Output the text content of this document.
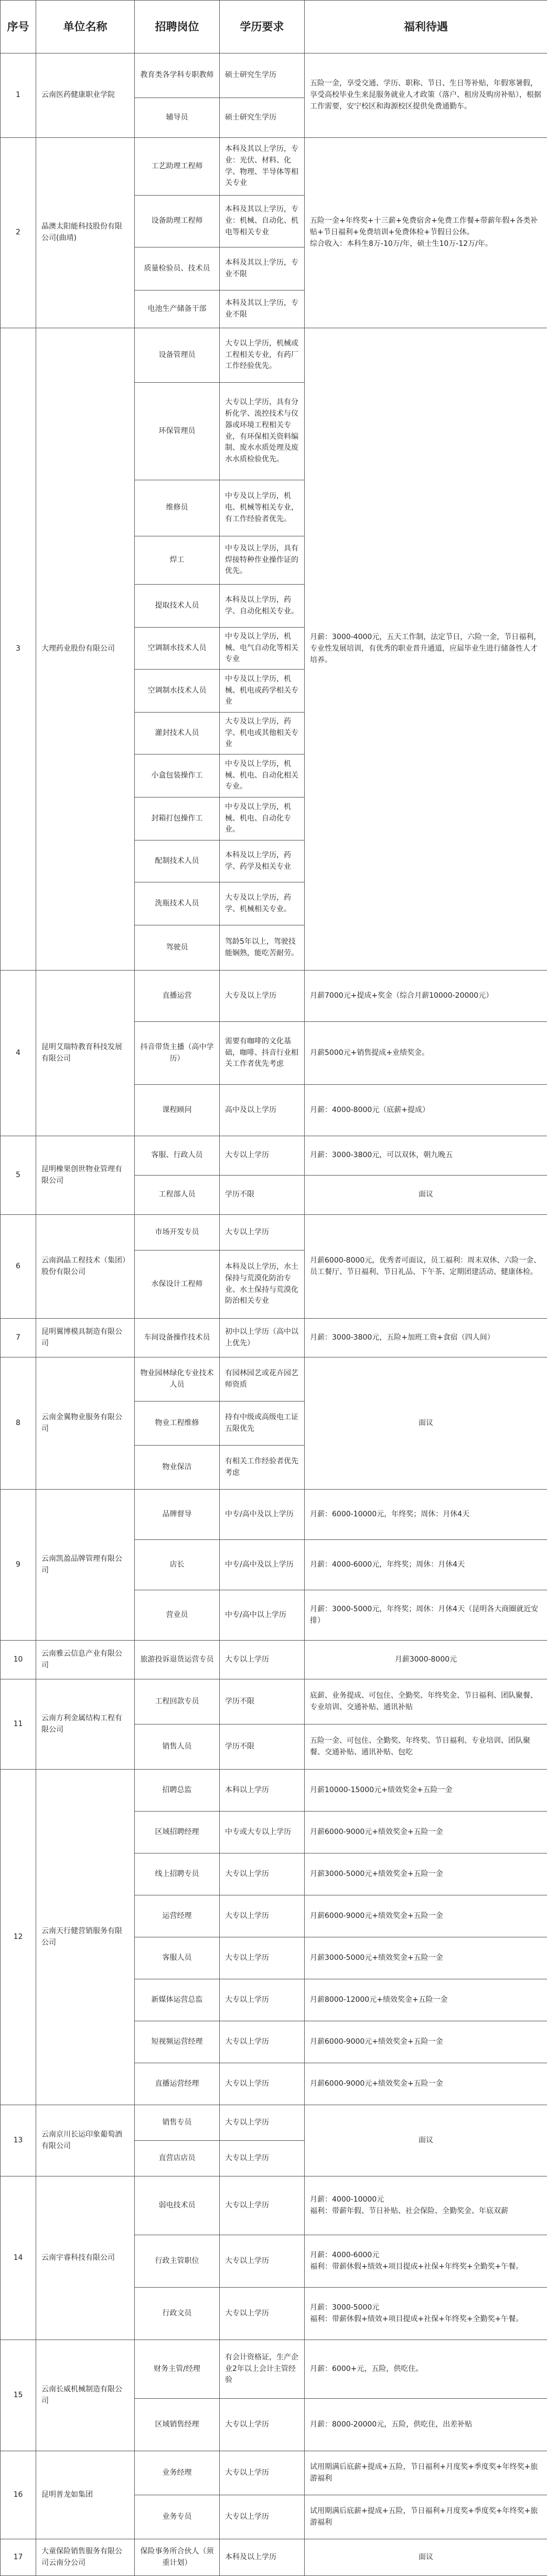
序号	单位名称	招聘岗位	学历要求	福利待遇
1	云南医药健康职业学院	教育类各学科专职教师	硕士研究生学历	五险一金，享受交通、学历、职称、节日、生日等补贴，年假寒暑假，享受高校毕业生来昆服务就业人才政策（落户、租房及购房补贴），根据工作需要，安宁校区和海源校区提供免费通勤车。
		辅导员	硕士研究生学历	
2	晶澳太阳能科技股份有限公司(曲靖)	工艺助理工程师	本科及其以上学历，专业：光伏、材料、化学、物理、半导体等相关专业	五险一金+年终奖+十三薪+免费宿舍+免费工作餐+带薪年假+各类补贴+节日福利+免费培训+免费体检+节假日公休。
综合收入：本科生8万-10万/年，硕士生10万-12万/年。
		设备助理工程师	本科及其以上学历，专业：机械、自动化、机电等相关专业	
		质量检验员、技术员	本科及其以上学历，专业不限	
		电池生产储备干部	本科及其以上学历，专业不限	
3	大理药业股份有限公司	设备管理员	大专以上学历，机械或工程相关专业，有药厂工作经验优先。	月薪：3000-4000元，五天工作制，法定节日，六险一金，节日福利，专业性发展培训，有优秀的职业晋升通道，应届毕业生进行储备性人才培养。
		环保管理员	大专以上学历，具有分析化学、流控技术与仪器或环境工程相关专业，有环保相关资料编制、废水水质处理及废水水质检验优先。	
		维修员	中专及以上学历，机电、机械等相关专业，有工作经验者优先。	
		焊工	中专及以上学历，具有焊接特种作业操作证的优先。	
		提取技术人员	本科及以上学历，药学、自动化相关专业。	
		空调制水技术人员	中专及以上学历，机械、电气自动化等相关专业	
		空调制水技术人员	中专及以上学历，机械、机电或药学相关专业	
		灌封技术人员	大专及以上学历，药学、机电或其他相关专业	
		小盒包装操作工	中专及以上学历，机械、机电、自动化相关专业。	
		封箱打包操作工	中专及以上学历，机械、机电、自动化专业。	
		配制技术人员	本科及以上学历，药学、药学及相关专业	
		洗瓶技术人员	大专及以上学历，药学、机械相关专业。	
		驾驶员	驾龄5年以上，驾驶技能娴熟，能吃苦耐劳。	
4	昆明艾瑞特教育科技发展有限公司	直播运营	大专及以上学历	月薪7000元+提成+奖金（综合月薪10000-20000元）
		抖音带货主播（高中学历）	需要有咖啡的文化基础，咖啡、抖音行业相关工作者优先考虑	月薪5000元+销售提成+业绩奖金。
		课程顾问	高中及以上学历	月薪：4000-8000元（底薪+提成）
5	昆明橡果创世物业管理有限公司	客服、行政人员	大专以上学历	月薪：3000-3800元，可以双休，朝九晚五
		工程部人员	学历不限	面议
6	云南润晶工程技术（集团）股份有限公司	市场开发专员	大专以上学历	月薪6000-8000元，优秀者可面议，员工福利：周末双休、六险一金、员工餐厅、节日福利、节日礼品、下午茶、定期团建活动、健康体检。
		水保设计工程师	本科及以上学历，水土保持与荒漠化防治专业、水土保持与荒漠化防治相关专业	
7	昆明翼博模具制造有限公司	车间设备操作技术员	初中以上学历（高中以上优先）	月薪：3000-3800元，五险+加班工资+食宿（四人间）
8	云南金翼物业服务有限公司	物业园林绿化专业技术人员	有园林园艺或花卉园艺师资质	面议
		物业工程维修	持有中级或高级电工证五限优先	
		物业保洁	有相关工作经验者优先考虑	
9	云南凯盈品牌管理有限公司	品牌督导	中专/高中及以上学历	月薪：6000-10000元，年终奖；周休：月休4天
		店长	中专/高中及以上学历	月薪：4000-6000元，年终奖；周休：月休4天
		营业员	中专/高中以上学历	月薪：3000-5000元，年终奖；周休：月休4天（昆明各大商圈就近安排）
10	云南雅云信息产业有限公司	旅游投诉退货运营专员	大专以上学历	月薪3000-8000元
11	云南方利金属结构工程有限公司	工程回款专员	学历不限	底薪、业务提成、可包住、全勤奖、年终奖金、节日福利、团队聚餐、专业培训、交通补贴、通讯补贴
		销售人员	学历不限	五险一金、可包住、全勤奖、年终奖、节日福利、专业培训、团队聚餐、交通补贴、通讯补贴、包吃
12	云南天行健营销服务有限公司	招聘总监	本科以上学历	月薪10000-15000元+绩效奖金+五险一金
		区域招聘经理	中专或大专以上学历	月薪6000-9000元+绩效奖金+五险一金
		线上招聘专员	大专以上学历	月薪3000-5000元+绩效奖金+五险一金
		运营经理	大专以上学历	月薪6000-9000元+绩效奖金+五险一金
		客服人员	大专以上学历	月薪3000-5000元+绩效奖金+五险一金
		新媒体运营总监	大专以上学历	月薪8000-12000元+绩效奖金+五险一金
		短视频运营经理	大专以上学历	月薪6000-9000元+绩效奖金+五险一金
		直播运营经理	大专以上学历	月薪6000-9000元+绩效奖金+五险一金
13	云南京川长运印象葡萄酒有限公司	销售专员	大专以上学历	面议
		直营店店员	大专以上学历	
14	云南宇睿科技有限公司	弱电技术员	大专以上学历	月薪：4000-10000元
福利：带薪年假、节日补贴、社会保险、全勤奖金、年底双薪
		行政主管职位	大专以上学历	月薪：4000-6000元
福利：带薪休假+绩效+项目提成+社保+年终奖+全勤奖+午餐。
		行政文员	大专以上学历	月薪：3000-5000元
福利：带薪休假+绩效+项目提成+社保+年终奖+全勤奖+午餐。
15	云南长威机械制造有限公司	财务主管/经理	有会计资格证，生产企业2年以上会计主管经验	月薪：6000+元，五险，供吃住。
		区域销售经理	大专以上学历	月薪：8000-20000元，五险，供吃住，出差补贴
16	昆明普龙如集团	业务经理	大专以上学历	试用期满后底薪+提成+五险，节日福利+月度奖+季度奖+年终奖+旅游福利
		业务专员	大专以上学历	试用期满后底薪+提成+五险，节日福利+月度奖+季度奖+年终奖+旅游福利
17	大童保险销售服务有限公司云南分公司	保险事务所合伙人（须重计划）	本科及以上学历	面议
